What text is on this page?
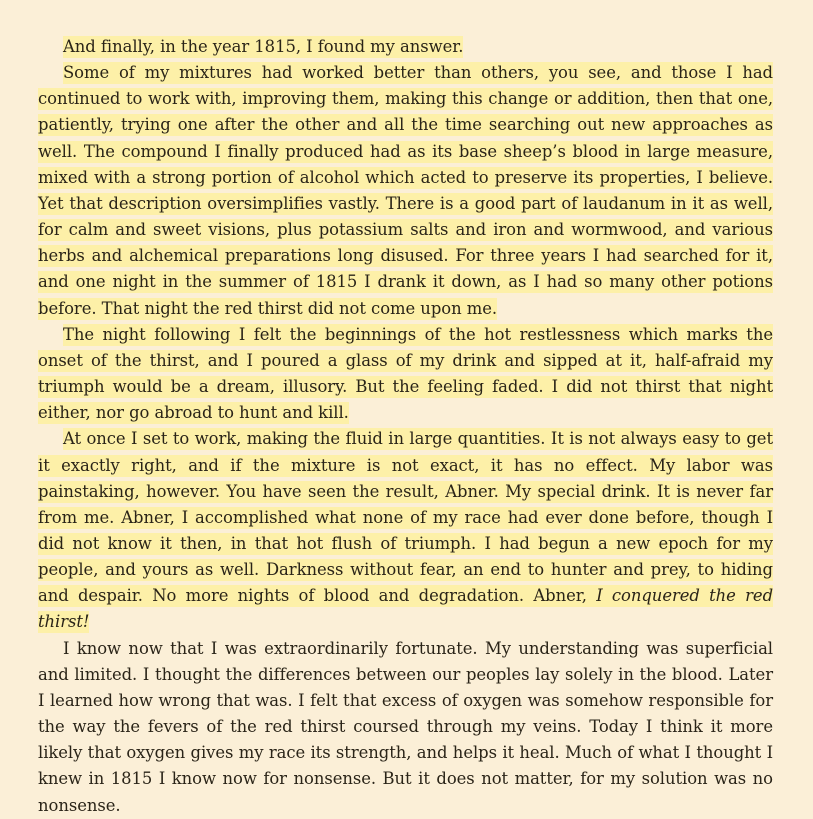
And finally, in the year 1815, I found my answer.

Some of my mixtures had worked better than others, you see, and those I had continued to work with, improving them, making this change or addition, then that one, patiently, trying one after the other and all the time searching out new approaches as well. The compound I finally produced had as its base sheep’s blood in large measure, mixed with a strong portion of alcohol which acted to preserve its properties, I believe. Yet that description oversimplifies vastly. There is a good part of laudanum in it as well, for calm and sweet visions, plus potassium salts and iron and wormwood, and various herbs and alchemical preparations long disused. For three years I had searched for it, and one night in the summer of 1815 I drank it down, as I had so many other potions before. That night the red thirst did not come upon me.

The night following I felt the beginnings of the hot restlessness which marks the onset of the thirst, and I poured a glass of my drink and sipped at it, half-afraid my triumph would be a dream, illusory. But the feeling faded. I did not thirst that night either, nor go abroad to hunt and kill.

At once I set to work, making the fluid in large quantities. It is not always easy to get it exactly right, and if the mixture is not exact, it has no effect. My labor was painstaking, however. You have seen the result, Abner. My special drink. It is never far from me. Abner, I accomplished what none of my race had ever done before, though I did not know it then, in that hot flush of triumph. I had begun a new epoch for my people, and yours as well. Darkness without fear, an end to hunter and prey, to hiding and despair. No more nights of blood and degradation. Abner, I conquered the red thirst!

I know now that I was extraordinarily fortunate. My understanding was superficial and limited. I thought the differences between our peoples lay solely in the blood. Later I learned how wrong that was. I felt that excess of oxygen was somehow responsible for the way the fevers of the red thirst coursed through my veins. Today I think it more likely that oxygen gives my race its strength, and helps it heal. Much of what I thought I knew in 1815 I know now for nonsense. But it does not matter, for my solution was no nonsense.
